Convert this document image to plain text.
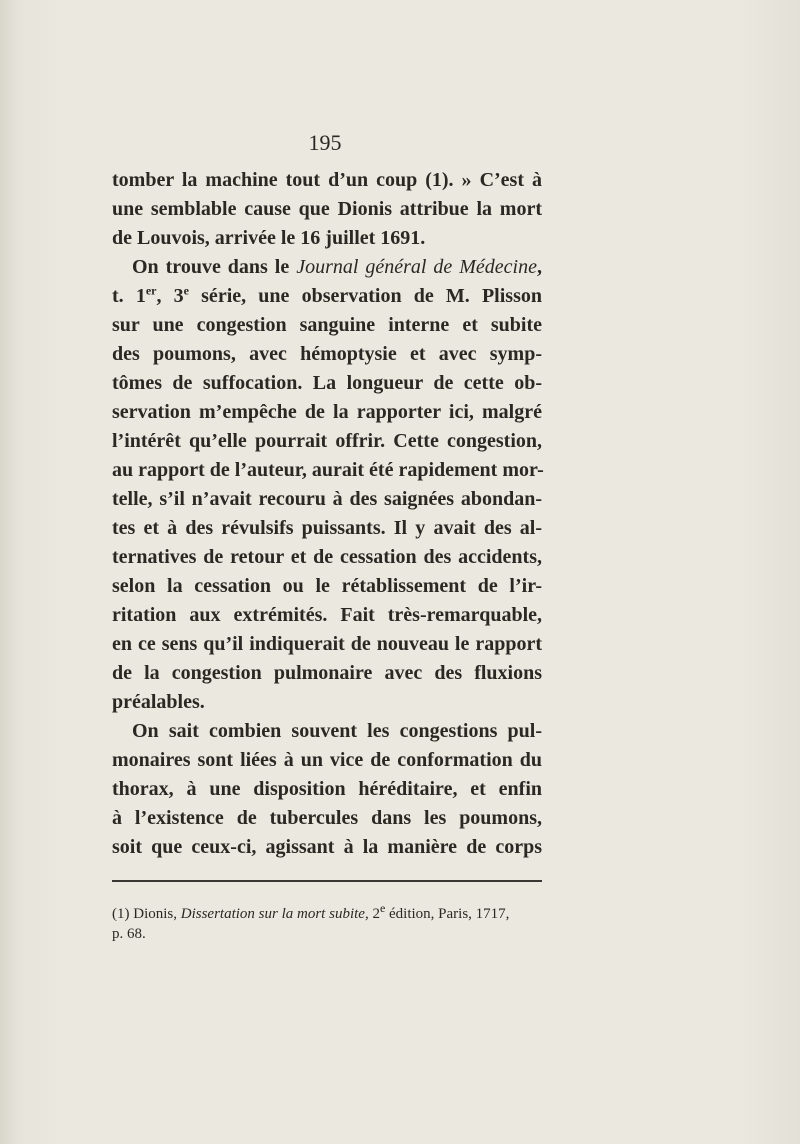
195
tomber la machine tout d’un coup (1). » C’est à
une semblable cause que Dionis attribue la mort
de Louvois, arrivée le 16 juillet 1691.
On trouve dans le Journal général de Médecine,
t. 1er, 3e série, une observation de M. Plisson
sur une congestion sanguine interne et subite
des poumons, avec hémoptysie et avec symp-
tômes de suffocation. La longueur de cette ob-
servation m’empêche de la rapporter ici, malgré
l’intérêt qu’elle pourrait offrir. Cette congestion,
au rapport de l’auteur, aurait été rapidement mor-
telle, s’il n’avait recouru à des saignées abondan-
tes et à des révulsifs puissants. Il y avait des al-
ternatives de retour et de cessation des accidents,
selon la cessation ou le rétablissement de l’ir-
ritation aux extrémités. Fait très-remarquable,
en ce sens qu’il indiquerait de nouveau le rapport
de la congestion pulmonaire avec des fluxions
préalables.
On sait combien souvent les congestions pul-
monaires sont liées à un vice de conformation du
thorax, à une disposition héréditaire, et enfin
à l’existence de tubercules dans les poumons,
soit que ceux-ci, agissant à la manière de corps
(1) Dionis, Dissertation sur la mort subite, 2e édition, Paris, 1717,
p. 68.
